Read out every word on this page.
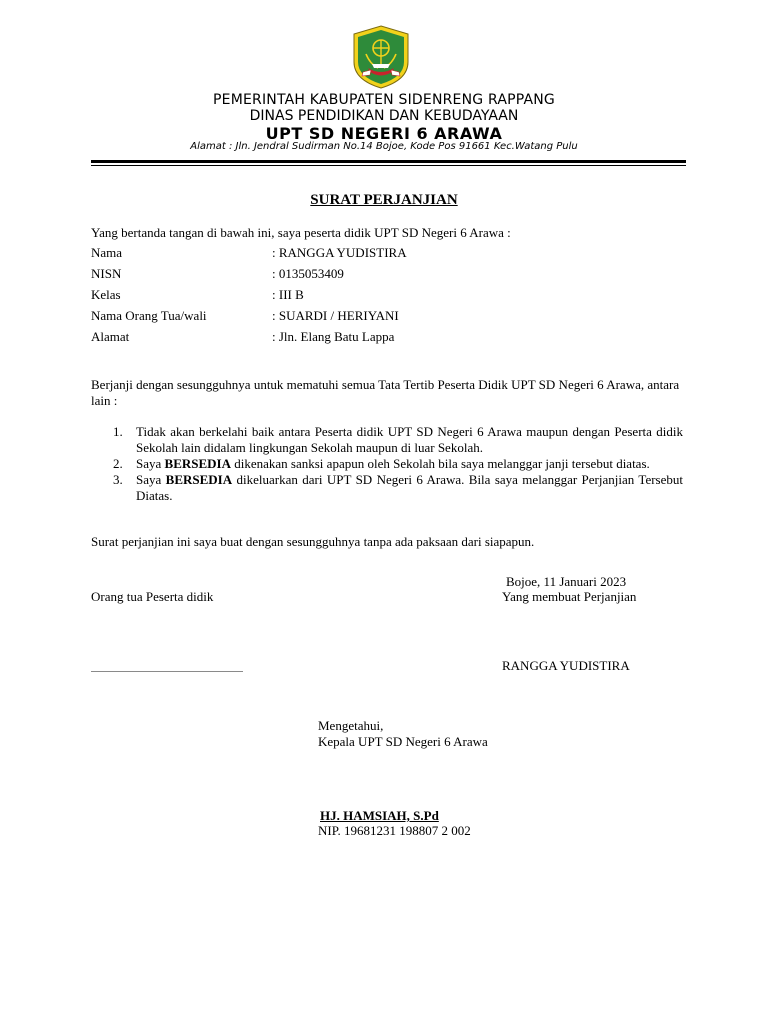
PEMERINTAH KABUPATEN SIDENRENG RAPPANG
DINAS PENDIDIKAN DAN KEBUDAYAAN
UPT SD NEGERI 6 ARAWA
Alamat : Jln. Jendral Sudirman No.14 Bojoe, Kode Pos 91661 Kec.Watang Pulu
SURAT PERJANJIAN
Yang bertanda tangan di bawah ini, saya peserta didik UPT SD Negeri 6 Arawa :
Nama	: RANGGA YUDISTIRA
NISN	: 0135053409
Kelas	: III B
Nama Orang Tua/wali	: SUARDI / HERIYANI
Alamat	: Jln. Elang Batu Lappa
Berjanji dengan sesungguhnya untuk mematuhi semua Tata Tertib Peserta Didik UPT SD Negeri 6 Arawa, antara lain :
1. Tidak akan berkelahi baik antara Peserta didik UPT SD Negeri 6 Arawa maupun dengan Peserta didik Sekolah lain didalam lingkungan Sekolah maupun di luar Sekolah.
2. Saya BERSEDIA dikenakan sanksi apapun oleh Sekolah bila saya melanggar janji tersebut diatas.
3. Saya BERSEDIA dikeluarkan dari UPT SD Negeri 6 Arawa. Bila saya melanggar Perjanjian Tersebut Diatas.
Surat perjanjian ini saya buat dengan sesungguhnya tanpa ada paksaan dari siapapun.
Bojoe, 11 Januari 2023
Orang tua Peserta didik	Yang membuat Perjanjian
RANGGA YUDISTIRA
Mengetahui,
Kepala UPT SD Negeri 6 Arawa
HJ. HAMSIAH, S.Pd
NIP. 19681231 198807 2 002
